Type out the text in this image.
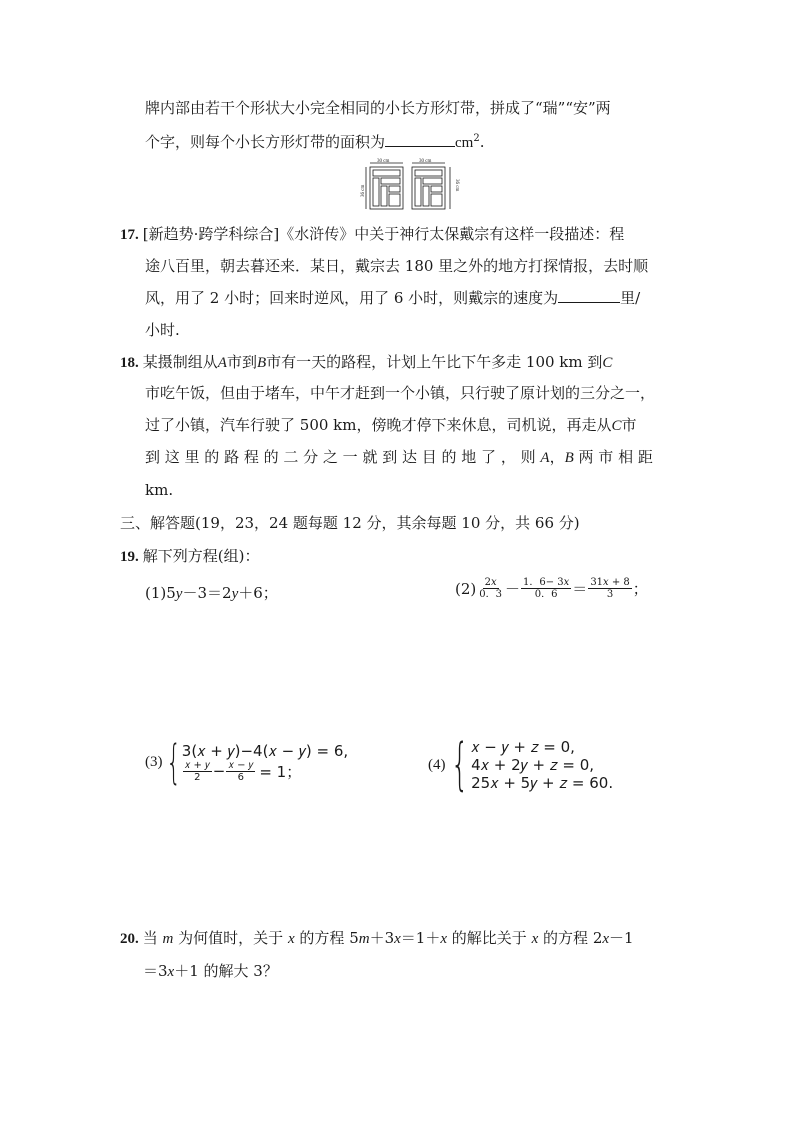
牌内部由若干个形状大小完全相同的小长方形灯带，拼成了“瑞”“安”两
个字，则每个小长方形灯带的面积为	$cm^2$.
30 cm	30 cm
36 cm	36 cm
17. [新趋势·跨学科综合]《水浒传》中关于神行太保戴宗有这样一段描述：程
途八百里，朝去暮还来．某日，戴宗去 180 里之外的地方打探情报，去时顺
风，用了 2 小时；回来时逆风，用了 6 小时，则戴宗的速度为	里/
小时.
18. 某摄制组从A市到B市有一天的路程，计划上午比下午多走 100 km 到C
市吃午饭，但由于堵车，中午才赶到一个小镇，只行驶了原计划的三分之一，
过了小镇，汽车行驶了 500 km，傍晚才停下来休息，司机说，再走从C市
到 这 里 的 路 程 的 二 分 之 一 就 到 达 目 的 地 了 ， 则 A，B 两 市 相 距
km.
三、解答题(19，23，24 题每题 12 分，其余每题 10 分，共 66 分)
19. 解下列方程(组)：
(1)5y－3＝2y＋6；	$(2) \frac{\text{2𝑥}}{0.3} - \frac{\text{1．6− 3𝑥}}{0.6} = \frac{\text{31𝑥 + 8}}{3}$ ；
(3) { 3(𝑥 + 𝑦)−4(𝑥 − 𝑦) = 6,
$\frac{\text{𝑥 + 𝑦}}{2} - \frac{\text{𝑥 − 𝑦}}{6} = 1$；	(4) { 𝑥 − 𝑦 + 𝑧 = 0,
4𝑥 + 2𝑦 + 𝑧 = 0,
25𝑥 + 5𝑦 + 𝑧 = 60.
20. 当 m 为何值时，关于 x 的方程 5m＋3x＝1＋x 的解比关于 x 的方程 2x－1
＝3x＋1 的解大 3？
